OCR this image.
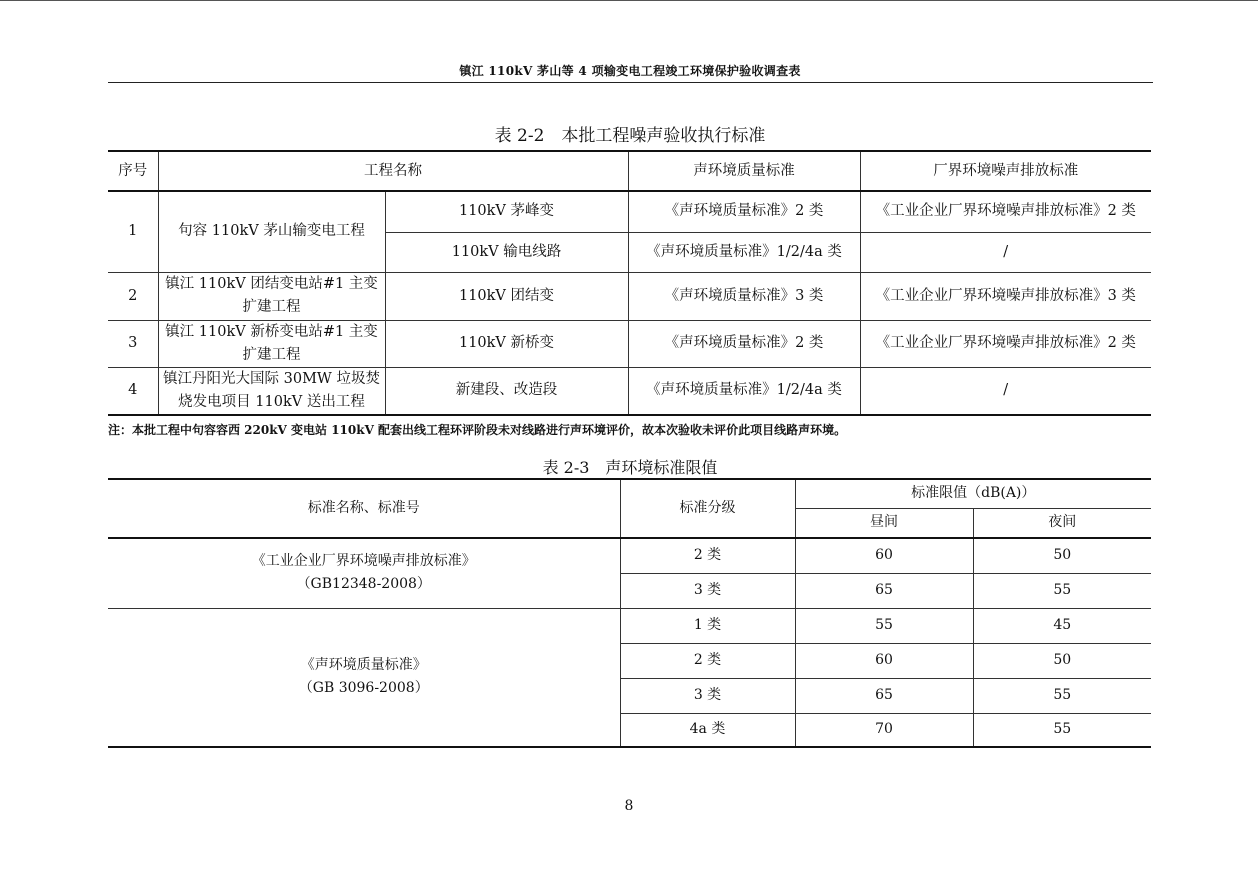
镇江 110kV 茅山等 4 项输变电工程竣工环境保护验收调查表
表 2-2　本批工程噪声验收执行标准
序号	工程名称		声环境质量标准	厂界环境噪声排放标准
1	句容 110kV 茅山输变电工程	110kV 茅峰变	《声环境质量标准》2 类	《工业企业厂界环境噪声排放标准》2 类
		110kV 输电线路	《声环境质量标准》1/2/4a 类	/
2	镇江 110kV 团结变电站#1 主变扩建工程	110kV 团结变	《声环境质量标准》3 类	《工业企业厂界环境噪声排放标准》3 类
3	镇江 110kV 新桥变电站#1 主变扩建工程	110kV 新桥变	《声环境质量标准》2 类	《工业企业厂界环境噪声排放标准》2 类
4	镇江丹阳光大国际 30MW 垃圾焚烧发电项目 110kV 送出工程	新建段、改造段	《声环境质量标准》1/2/4a 类	/
注：本批工程中句容容西 220kV 变电站 110kV 配套出线工程环评阶段未对线路进行声环境评价，故本次验收未评价此项目线路声环境。
表 2-3　声环境标准限值
标准名称、标准号	标准分级	标准限值（dB(A)）	
		昼间	夜间

《工业企业厂界环境噪声排放标准》
（GB12348-2008）	2 类	60	50
	3 类	65	55

《声环境质量标准》
（GB 3096-2008）	1 类	55	45
	2 类	60	50
	3 类	65	55
	4a 类	70	55
8
